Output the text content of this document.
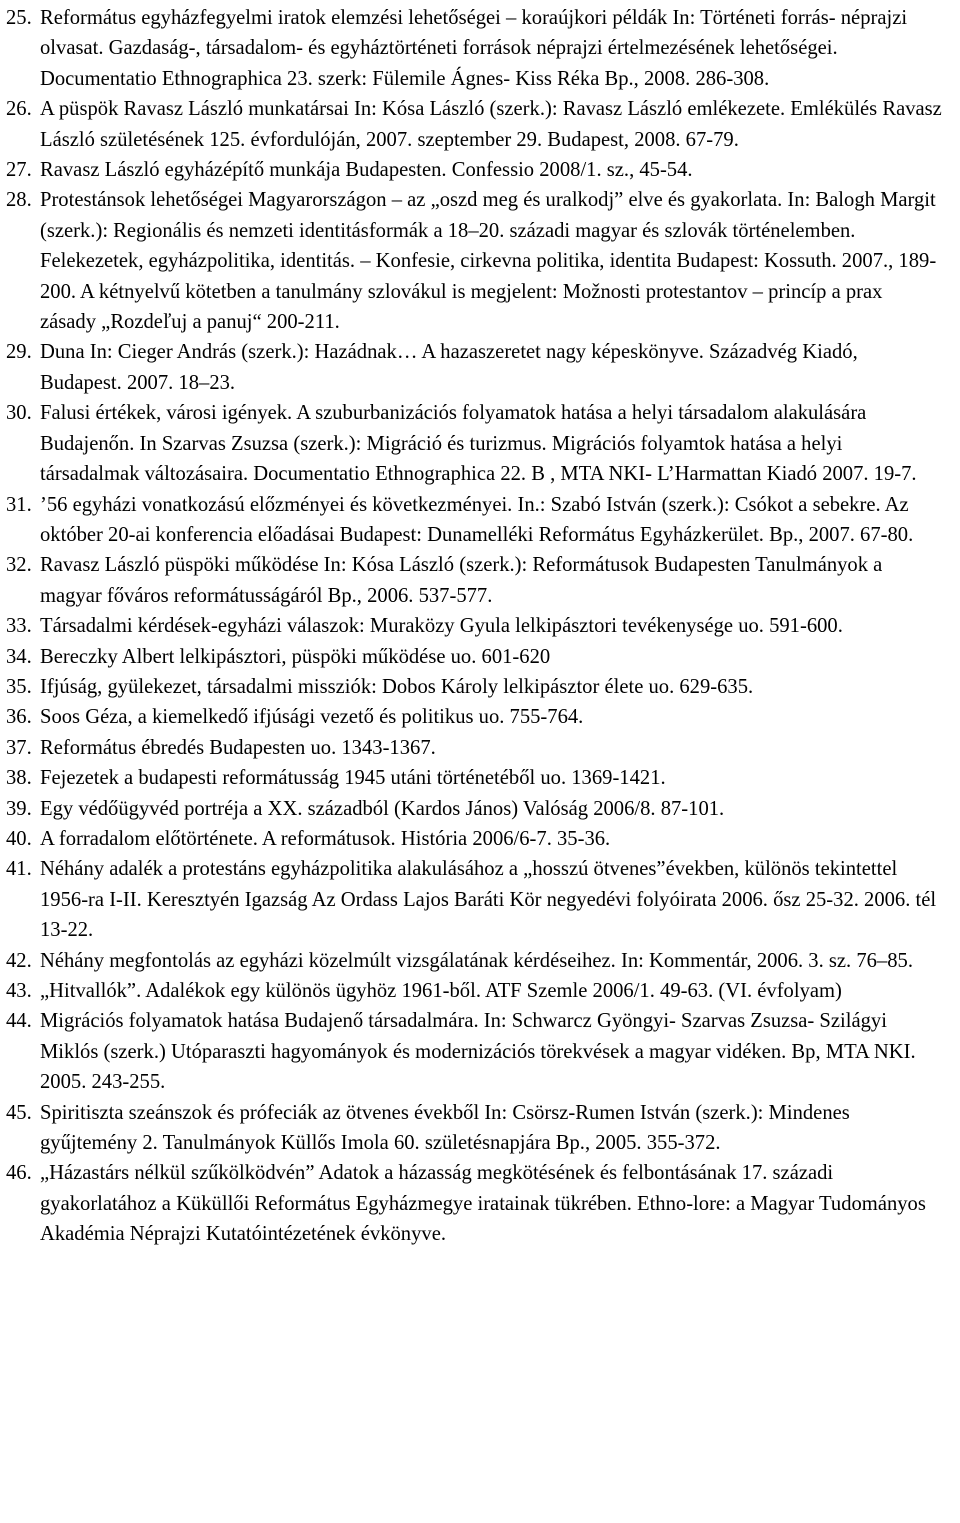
25. Református egyházfegyelmi iratok elemzési lehetőségei – koraújkori példák In: Történeti forrás- néprajzi olvasat. Gazdaság-, társadalom- és egyháztörténeti források néprajzi értelmezésének lehetőségei. Documentatio Ethnographica 23. szerk: Fülemile Ágnes- Kiss Réka Bp., 2008. 286-308.
26. A püspök Ravasz László munkatársai In: Kósa László (szerk.): Ravasz László emlékezete. Emlékülés Ravasz László születésének 125. évfordulóján, 2007. szeptember 29. Budapest, 2008. 67-79.
27. Ravasz László egyházépítő munkája Budapesten. Confessio 2008/1. sz., 45-54.
28. Protestánsok lehetőségei Magyarországon – az „oszd meg és uralkodj” elve és gyakorlata. In: Balogh Margit (szerk.): Regionális és nemzeti identitásformák a 18–20. századi magyar és szlovák történelemben. Felekezetek, egyházpolitika, identitás. – Konfesie, cirkevna politika, identita Budapest: Kossuth. 2007., 189-200. A kétnyelvű kötetben a tanulmány szlovákul is megjelent: Možnosti protestantov – princíp a prax zásady „Rozdeľuj a panuj“ 200-211.
29. Duna In: Cieger András (szerk.): Hazádnak… A hazaszeretet nagy képeskönyve. Századvég Kiadó, Budapest. 2007. 18–23.
30. Falusi értékek, városi igények. A szuburbanizációs folyamatok hatása a helyi társadalom alakulására Budajenőn. In Szarvas Zsuzsa (szerk.): Migráció és turizmus. Migrációs folyamtok hatása a helyi társadalmak változásaira. Documentatio Ethnographica 22. B , MTA NKI- L’Harmattan Kiadó 2007. 19-7.
31. ’56 egyházi vonatkozású előzményei és következményei. In.: Szabó István (szerk.): Csókot a sebekre. Az október 20-ai konferencia előadásai Budapest: Dunamelléki Református Egyházkerület. Bp., 2007. 67-80.
32. Ravasz László püspöki működése In: Kósa László (szerk.): Reformátusok Budapesten Tanulmányok a magyar főváros reformátusságáról Bp., 2006. 537-577.
33. Társadalmi kérdések-egyházi válaszok: Muraközy Gyula lelkipásztori tevékenysége uo. 591-600.
34. Bereczky Albert lelkipásztori, püspöki működése uo. 601-620
35. Ifjúság, gyülekezet, társadalmi missziók: Dobos Károly lelkipásztor élete uo. 629-635.
36. Soos Géza, a kiemelkedő ifjúsági vezető és politikus uo. 755-764.
37. Református ébredés Budapesten uo. 1343-1367.
38. Fejezetek a budapesti reformátusság 1945 utáni történetéből uo. 1369-1421.
39. Egy védőügyvéd portréja a XX. századból (Kardos János) Valóság 2006/8. 87-101.
40. A forradalom előtörténete. A reformátusok. História 2006/6-7. 35-36.
41. Néhány adalék a protestáns egyházpolitika alakulásához a „hosszú ötvenes”években, különös tekintettel 1956-ra I-II. Keresztyén Igazság Az Ordass Lajos Baráti Kör negyedévi folyóirata 2006. ősz 25-32. 2006. tél 13-22.
42. Néhány megfontolás az egyházi közelmúlt vizsgálatának kérdéseihez. In: Kommentár, 2006. 3. sz. 76–85.
43. „Hitvallók”. Adalékok egy különös ügyhöz 1961-ből. ATF Szemle 2006/1. 49-63. (VI. évfolyam)
44. Migrációs folyamatok hatása Budajenő társadalmára. In: Schwarcz Gyöngyi- Szarvas Zsuzsa- Szilágyi Miklós (szerk.) Utóparaszti hagyományok és modernizációs törekvések a magyar vidéken. Bp, MTA NKI. 2005. 243-255.
45. Spiritiszta szeánszok és prófeciák az ötvenes évekből In: Csörsz-Rumen István (szerk.): Mindenes gyűjtemény 2. Tanulmányok Küllős Imola 60. születésnapjára Bp., 2005. 355-372.
46. „Házastárs nélkül szűkölködvén” Adatok a házasság megkötésének és felbontásának 17. századi gyakorlatához a Küküllői Református Egyházmegye iratainak tükrében. Ethno-lore: a Magyar Tudományos Akadémia Néprajzi Kutatóintézetének évkönyve.
